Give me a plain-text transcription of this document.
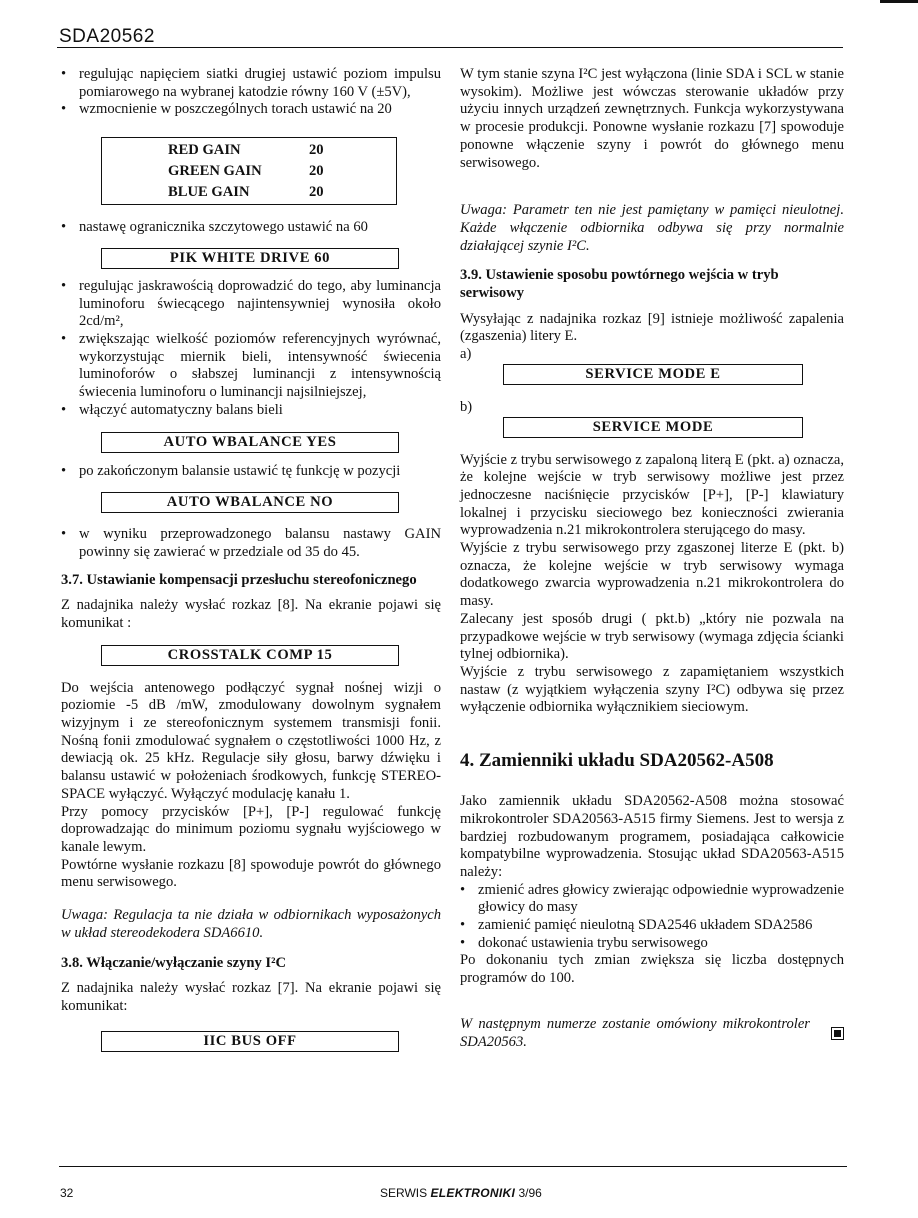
SDA20562
• regulując napięciem siatki drugiej ustawić poziom impulsu pomiarowego na wybranej katodzie równy 160 V (±5V),
• wzmocnienie w poszczególnych torach ustawić na 20
RED GAIN	20
GREEN GAIN	20
BLUE GAIN	20
• nastawę ogranicznika szczytowego ustawić na 60
PIK WHITE DRIVE 60
• regulując jaskrawością doprowadzić do tego, aby luminancja luminoforu świecącego najintensywniej wynosiła około 2cd/m²,
• zwiększając wielkość poziomów referencyjnych wyrównać, wykorzystując miernik bieli, intensywność świecenia luminoforów o słabszej luminancji z intensywnością świecenia luminoforu o luminancji najsilniejszej,
• włączyć automatyczny balans bieli
AUTO WBALANCE YES
• po zakończonym balansie ustawić tę funkcję w pozycji
AUTO WBALANCE NO
• w wyniku przeprowadzonego balansu nastawy GAIN powinny się zawierać w przedziale od 35 do 45.

3.7. Ustawianie kompensacji przesłuchu stereofonicznego

Z nadajnika należy wysłać rozkaz [8]. Na ekranie pojawi się komunikat :

CROSSTALK COMP 15

Do wejścia antenowego podłączyć sygnał nośnej wizji o poziomie -5 dB /mW, zmodulowany dowolnym sygnałem wizyjnym i ze stereofonicznym systemem transmisji fonii. Nośną fonii zmodulować sygnałem o częstotliwości 1000 Hz, z dewiacją ok. 25 kHz. Regulacje siły głosu, barwy dźwięku i balansu ustawić w położeniach środkowych, funkcję STEREO-SPACE wyłączyć. Wyłączyć modulację kanału 1.

Przy pomocy przycisków [P+], [P-] regulować funkcję doprowadzając do minimum poziomu sygnału wyjściowego w kanale lewym.

Powtórne wysłanie rozkazu [8] spowoduje powrót do głównego menu serwisowego.

Uwaga: Regulacja ta nie działa w odbiornikach wyposażonych w układ stereodekodera SDA6610.

3.8. Włączanie/wyłączanie szyny I²C

Z nadajnika należy wysłać rozkaz [7]. Na ekranie pojawi się komunikat:

IIC BUS OFF

W tym stanie szyna I²C jest wyłączona (linie SDA i SCL w stanie wysokim). Możliwe jest wówczas sterowanie układów przy użyciu innych urządzeń zewnętrznych. Funkcja wykorzystywana w procesie produkcji. Ponowne wysłanie rozkazu [7] spowoduje ponowne włączenie szyny i powrót do głównego menu serwisowego.

Uwaga: Parametr ten nie jest pamiętany w pamięci nieulotnej. Każde włączenie odbiornika odbywa się przy normalnie działającej szynie I²C.

3.9. Ustawienie sposobu powtórnego wejścia w tryb serwisowy

Wysyłając z nadajnika rozkaz [9] istnieje możliwość zapalenia (zgaszenia) litery E.

a)
SERVICE MODE E
b)
SERVICE MODE

Wyjście z trybu serwisowego z zapaloną literą E (pkt. a) oznacza, że kolejne wejście w tryb serwisowy możliwe jest przez jednoczesne naciśnięcie przycisków [P+], [P-] klawiatury lokalnej i przycisku sieciowego bez konieczności zwierania wyprowadzenia n.21 mikrokontrolera sterującego do masy.

Wyjście z trybu serwisowego przy zgaszonej literze E (pkt. b) oznacza, że kolejne wejście w tryb serwisowy wymaga dodatkowego zwarcia wyprowadzenia n.21 mikrokontrolera do masy.

Zalecany jest sposób drugi ( pkt.b) „który nie pozwala na przypadkowe wejście w tryb serwisowy (wymaga zdjęcia ścianki tylnej odbiornika).

Wyjście z trybu serwisowego z zapamiętaniem wszystkich nastaw (z wyjątkiem wyłączenia szyny I²C) odbywa się przez wyłączenie odbiornika wyłącznikiem sieciowym.

4. Zamienniki układu SDA20562-A508

Jako zamiennik układu SDA20562-A508 można stosować mikrokontroler SDA20563-A515 firmy Siemens. Jest to wersja z bardziej rozbudowanym programem, posiadająca całkowicie kompatybilne wyprowadzenia. Stosując układ SDA20563-A515 należy:

• zmienić adres głowicy zwierając odpowiednie wyprowadzenie głowicy do masy
• zamienić pamięć nieulotną SDA2546 układem SDA2586
• dokonać ustawienia trybu serwisowego

Po dokonaniu tych zmian zwiększa się liczba dostępnych programów do 100.

W następnym numerze zostanie omówiony mikrokontroler SDA20563.

32	SERWIS ELEKTRONIKI 3/96
